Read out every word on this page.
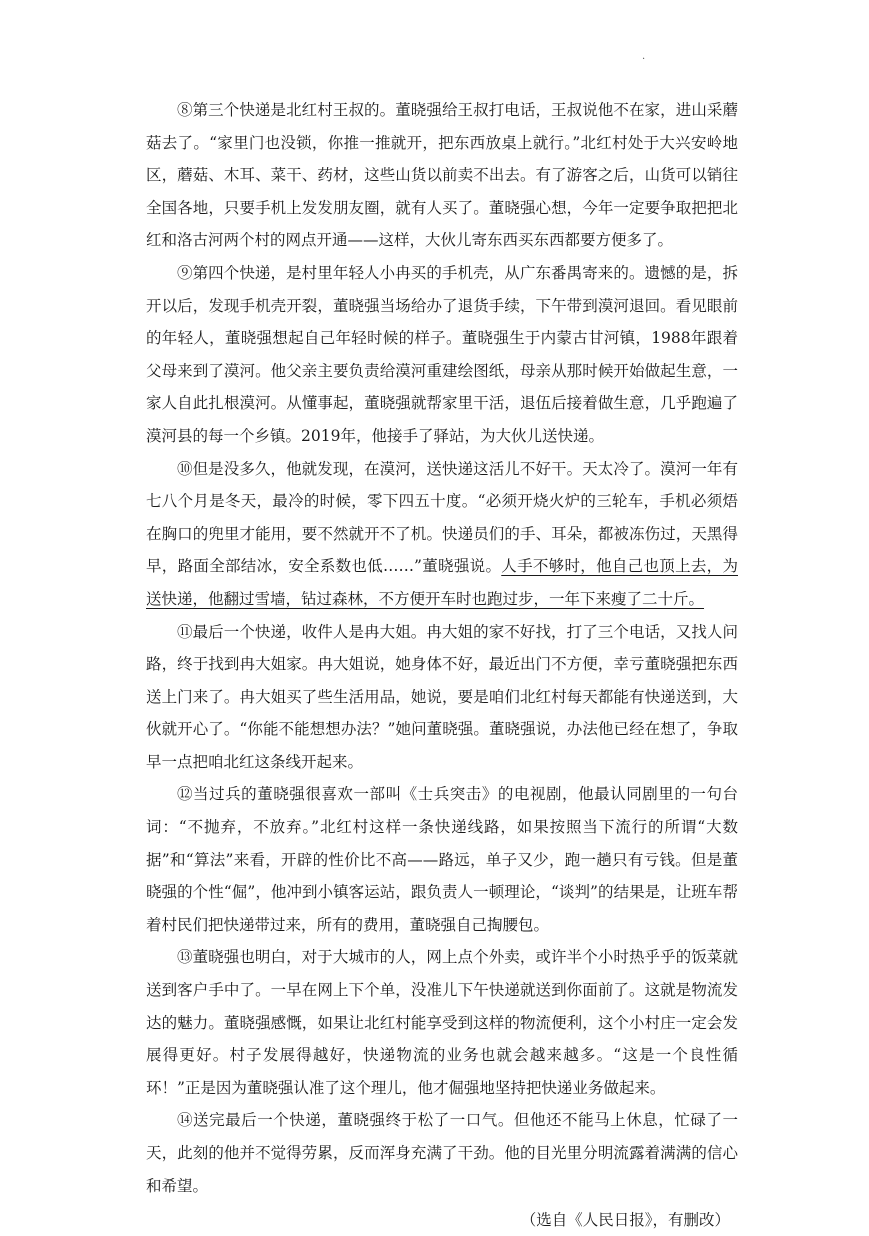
.

⑧第三个快递是北红村王叔的。董晓强给王叔打电话，王叔说他不在家，进山采蘑菇去了。“家里门也没锁，你推一推就开，把东西放桌上就行。”北红村处于大兴安岭地区，蘑菇、木耳、菜干、药材，这些山货以前卖不出去。有了游客之后，山货可以销往全国各地，只要手机上发发朋友圈，就有人买了。董晓强心想，今年一定要争取把把北红和洛古河两个村的网点开通——这样，大伙儿寄东西买东西都要方便多了。

⑨第四个快递，是村里年轻人小冉买的手机壳，从广东番禺寄来的。遗憾的是，拆开以后，发现手机壳开裂，董晓强当场给办了退货手续，下午带到漠河退回。看见眼前的年轻人，董晓强想起自己年轻时候的样子。董晓强生于内蒙古甘河镇，1988年跟着父母来到了漠河。他父亲主要负责给漠河重建绘图纸，母亲从那时候开始做起生意，一家人自此扎根漠河。从懂事起，董晓强就帮家里干活，退伍后接着做生意，几乎跑遍了漠河县的每一个乡镇。2019年，他接手了驿站，为大伙儿送快递。

⑩但是没多久，他就发现，在漠河，送快递这活儿不好干。天太冷了。漠河一年有七八个月是冬天，最冷的时候，零下四五十度。“必须开烧火炉的三轮车，手机必须焐在胸口的兜里才能用，要不然就开不了机。快递员们的手、耳朵，都被冻伤过，天黑得早，路面全部结冰，安全系数也低……”董晓强说。人手不够时，他自己也顶上去，为送快递，他翻过雪墙，钻过森林，不方便开车时也跑过步，一年下来瘦了二十斤。

⑪最后一个快递，收件人是冉大姐。冉大姐的家不好找，打了三个电话，又找人问路，终于找到冉大姐家。冉大姐说，她身体不好，最近出门不方便，幸亏董晓强把东西送上门来了。冉大姐买了些生活用品，她说，要是咱们北红村每天都能有快递送到，大伙就开心了。“你能不能想想办法？”她问董晓强。董晓强说，办法他已经在想了，争取早一点把咱北红这条线开起来。

⑫当过兵的董晓强很喜欢一部叫《士兵突击》的电视剧，他最认同剧里的一句台词：“不抛弃，不放弃。”北红村这样一条快递线路，如果按照当下流行的所谓“大数据”和“算法”来看，开辟的性价比不高——路远，单子又少，跑一趟只有亏钱。但是董晓强的个性“倔”，他冲到小镇客运站，跟负责人一顿理论，“谈判”的结果是，让班车帮着村民们把快递带过来，所有的费用，董晓强自己掏腰包。

⑬董晓强也明白，对于大城市的人，网上点个外卖，或许半个小时热乎乎的饭菜就送到客户手中了。一早在网上下个单，没准儿下午快递就送到你面前了。这就是物流发达的魅力。董晓强感慨，如果让北红村能享受到这样的物流便利，这个小村庄一定会发展得更好。村子发展得越好，快递物流的业务也就会越来越多。“这是一个良性循环！”正是因为董晓强认准了这个理儿，他才倔强地坚持把快递业务做起来。

⑭送完最后一个快递，董晓强终于松了一口气。但他还不能马上休息，忙碌了一天，此刻的他并不觉得劳累，反而浑身充满了干劲。他的目光里分明流露着满满的信心和希望。

（选自《人民日报》，有删改）
